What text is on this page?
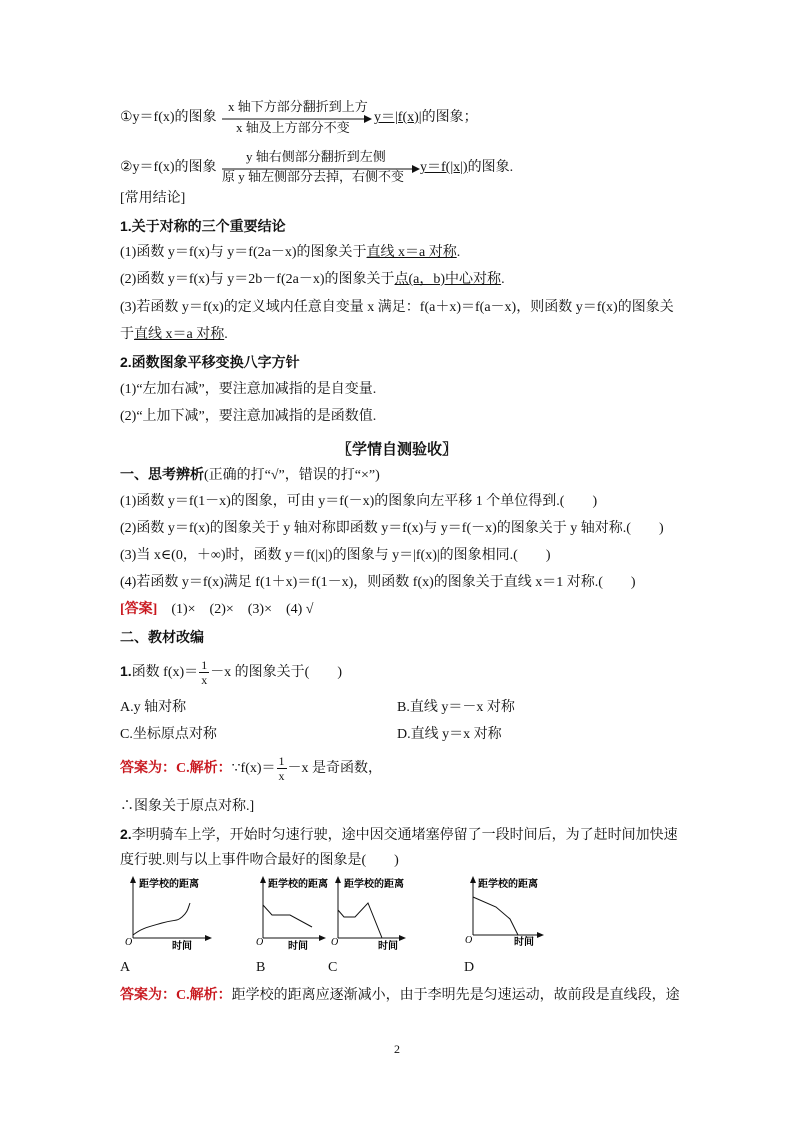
①y＝f(x)的图象
x 轴下方部分翻折到上方
x 轴及上方部分不变
y＝|f(x)|的图象；
②y＝f(x)的图象
y 轴右侧部分翻折到左侧
原 y 轴左侧部分去掉，右侧不变
y＝f(|x|)的图象.
[常用结论]
1.关于对称的三个重要结论
(1)函数 y＝f(x)与 y＝f(2a－x)的图象关于直线 x＝a 对称.
(2)函数 y＝f(x)与 y＝2b－f(2a－x)的图象关于点(a，b)中心对称.
(3)若函数 y＝f(x)的定义域内任意自变量 x 满足：f(a＋x)＝f(a－x)，则函数 y＝f(x)的图象关
于直线 x＝a 对称.
2.函数图象平移变换八字方针
(1)“左加右减”，要注意加减指的是自变量.
(2)“上加下减”，要注意加减指的是函数值.
〖学情自测验收〗
一、思考辨析(正确的打“√”，错误的打“×”)
(1)函数 y＝f(1－x)的图象，可由 y＝f(－x)的图象向左平移 1 个单位得到.(　　)
(2)函数 y＝f(x)的图象关于 y 轴对称即函数 y＝f(x)与 y＝f(－x)的图象关于 y 轴对称.(　　)
(3)当 x∈(0，＋∞)时，函数 y＝f(|x|)的图象与 y＝|f(x)|的图象相同.(　　)
(4)若函数 y＝f(x)满足 f(1＋x)＝f(1－x)，则函数 f(x)的图象关于直线 x＝1 对称.(　　)
[答案]　 (1)×　(2)×　(3)×　(4) √
二、教材改编
1.函数 $f(x)= \frac{1}{x} -x$ 的图象关于(　　)
A.y 轴对称	B.直线 y＝－x 对称
C.坐标原点对称	D.直线 y＝x 对称
答案为：C.解析：∵f(x)＝ $\frac{1}{x} -x$ 是奇函数，
∴图象关于原点对称.]
2.李明骑车上学，开始时匀速行驶，途中因交通堵塞停留了一段时间后，为了赶时间加快速
度行驶.则与以上事件吻合最好的图象是(　　)
距学校的距离
O	时间
距学校的距离
O 时间
距学校的距离
O	时间
距学校的距离
O	时间
A	B	C	D
答案为：C.解析：距学校的距离应逐渐减小，由于李明先是匀速运动，故前段是直线段，途
2
